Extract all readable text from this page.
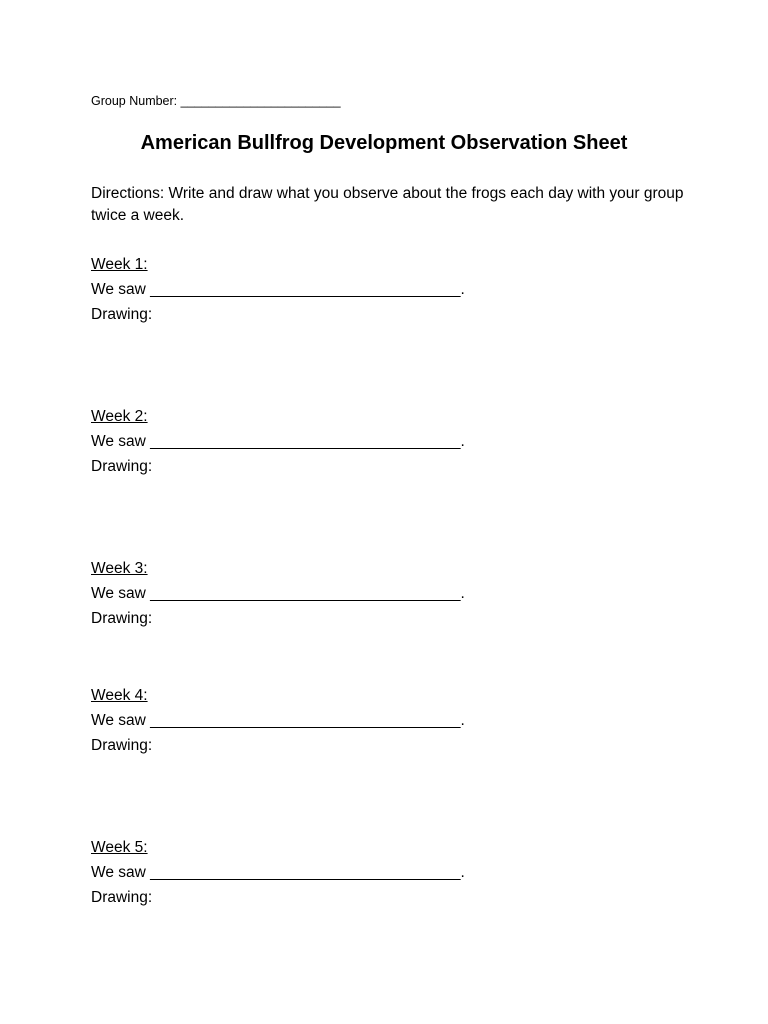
Group Number: _______________________
American Bullfrog Development Observation Sheet
Directions: Write and draw what you observe about the frogs each day with your group twice a week.
Week 1:
We saw ____________________________________.
Drawing:
Week 2:
We saw ____________________________________.
Drawing:
Week 3:
We saw ____________________________________.
Drawing:
Week 4:
We saw ____________________________________.
Drawing:
Week 5:
We saw ____________________________________.
Drawing:
